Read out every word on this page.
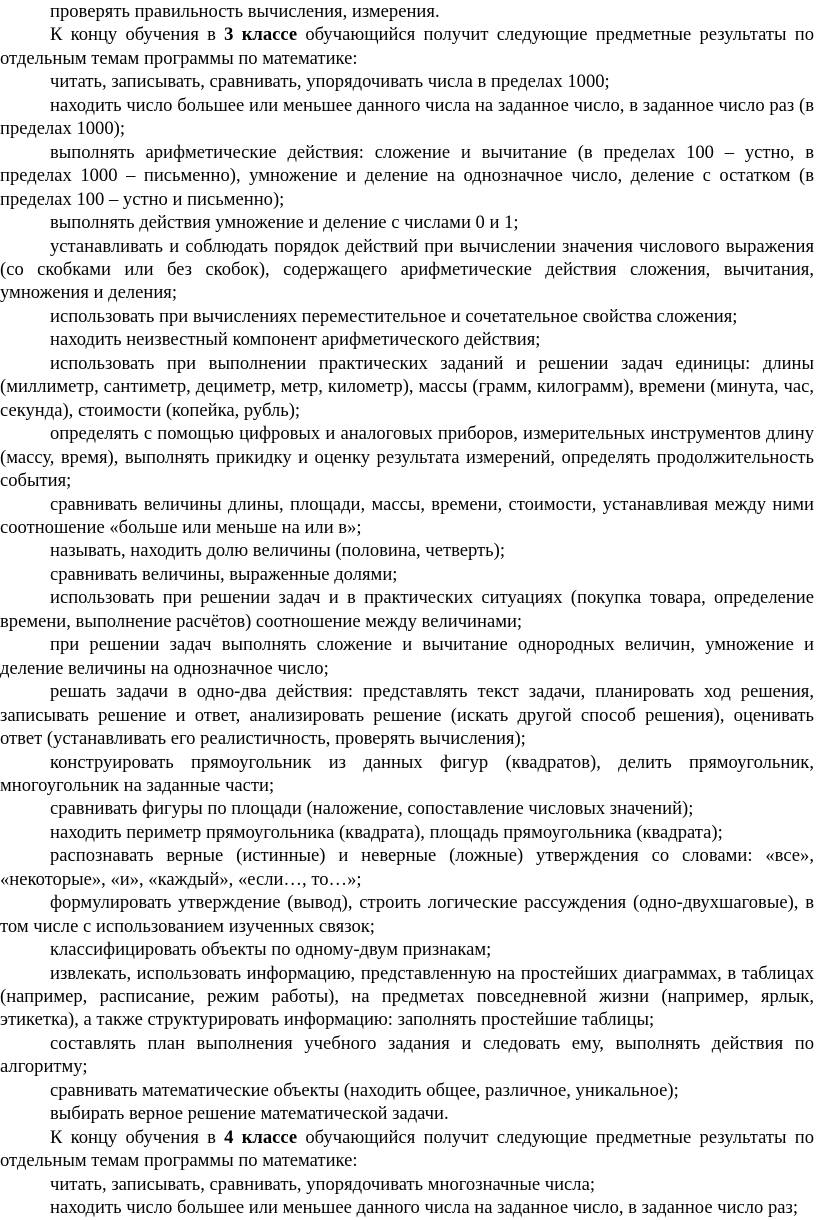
проверять правильность вычисления, измерения.

К концу обучения в 3 классе обучающийся получит следующие предметные результаты по отдельным темам программы по математике:

читать, записывать, сравнивать, упорядочивать числа в пределах 1000;

находить число большее или меньшее данного числа на заданное число, в заданное число раз (в пределах 1000);

выполнять арифметические действия: сложение и вычитание (в пределах 100 – устно, в пределах 1000 – письменно), умножение и деление на однозначное число, деление с остатком (в пределах 100 – устно и письменно);

выполнять действия умножение и деление с числами 0 и 1;

устанавливать и соблюдать порядок действий при вычислении значения числового выражения (со скобками или без скобок), содержащего арифметические действия сложения, вычитания, умножения и деления;

использовать при вычислениях переместительное и сочетательное свойства сложения;

находить неизвестный компонент арифметического действия;

использовать при выполнении практических заданий и решении задач единицы: длины (миллиметр, сантиметр, дециметр, метр, километр), массы (грамм, килограмм), времени (минута, час, секунда), стоимости (копейка, рубль);

определять с помощью цифровых и аналоговых приборов, измерительных инструментов длину (массу, время), выполнять прикидку и оценку результата измерений, определять продолжительность события;

сравнивать величины длины, площади, массы, времени, стоимости, устанавливая между ними соотношение «больше или меньше на или в»;

называть, находить долю величины (половина, четверть);

сравнивать величины, выраженные долями;

использовать при решении задач и в практических ситуациях (покупка товара, определение времени, выполнение расчётов) соотношение между величинами;

при решении задач выполнять сложение и вычитание однородных величин, умножение и деление величины на однозначное число;

решать задачи в одно-два действия: представлять текст задачи, планировать ход решения, записывать решение и ответ, анализировать решение (искать другой способ решения), оценивать ответ (устанавливать его реалистичность, проверять вычисления);

конструировать прямоугольник из данных фигур (квадратов), делить прямоугольник, многоугольник на заданные части;

сравнивать фигуры по площади (наложение, сопоставление числовых значений);

находить периметр прямоугольника (квадрата), площадь прямоугольника (квадрата);

распознавать верные (истинные) и неверные (ложные) утверждения со словами: «все», «некоторые», «и», «каждый», «если…, то…»;

формулировать утверждение (вывод), строить логические рассуждения (одно-двухшаговые), в том числе с использованием изученных связок;

классифицировать объекты по одному-двум признакам;

извлекать, использовать информацию, представленную на простейших диаграммах, в таблицах (например, расписание, режим работы), на предметах повседневной жизни (например, ярлык, этикетка), а также структурировать информацию: заполнять простейшие таблицы;

составлять план выполнения учебного задания и следовать ему, выполнять действия по алгоритму;

сравнивать математические объекты (находить общее, различное, уникальное);

выбирать верное решение математической задачи.

К концу обучения в 4 классе обучающийся получит следующие предметные результаты по отдельным темам программы по математике:

читать, записывать, сравнивать, упорядочивать многозначные числа;

находить число большее или меньшее данного числа на заданное число, в заданное число раз;
